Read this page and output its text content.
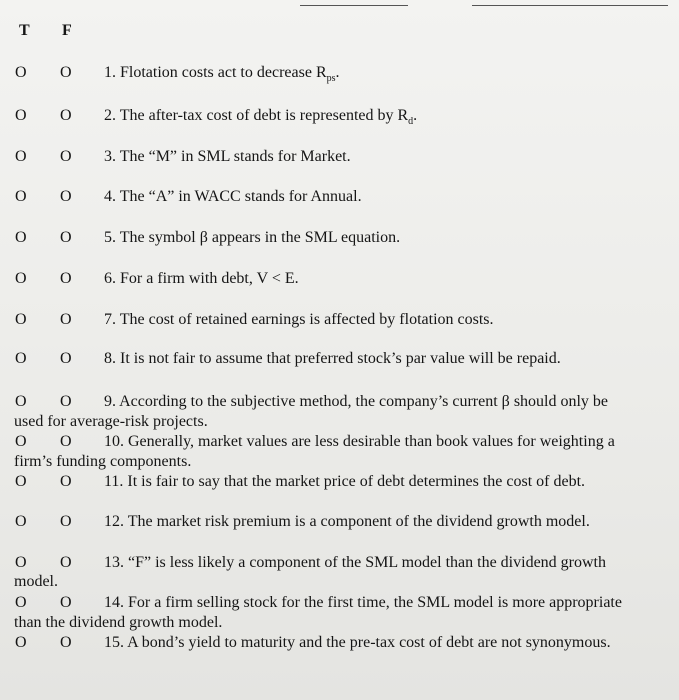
T F
O O 1. Flotation costs act to decrease $R_{ps}$.
O O 2. The after-tax cost of debt is represented by $R_d$.
O O 3. The “M” in SML stands for Market.
O O 4. The “A” in WACC stands for Annual.
O O 5. The symbol β appears in the SML equation.
O O 6. For a firm with debt, V < E.
O O 7. The cost of retained earnings is affected by flotation costs.
O O 8. It is not fair to assume that preferred stock’s par value will be repaid.
O O 9. According to the subjective method, the company’s current β should only be
used for average-risk projects.
O O 10. Generally, market values are less desirable than book values for weighting a
firm’s funding components.
O O 11. It is fair to say that the market price of debt determines the cost of debt.
O O 12. The market risk premium is a component of the dividend growth model.
O O 13. “F” is less likely a component of the SML model than the dividend growth
model.
O O 14. For a firm selling stock for the first time, the SML model is more appropriate
than the dividend growth model.
O O 15. A bond’s yield to maturity and the pre-tax cost of debt are not synonymous.
